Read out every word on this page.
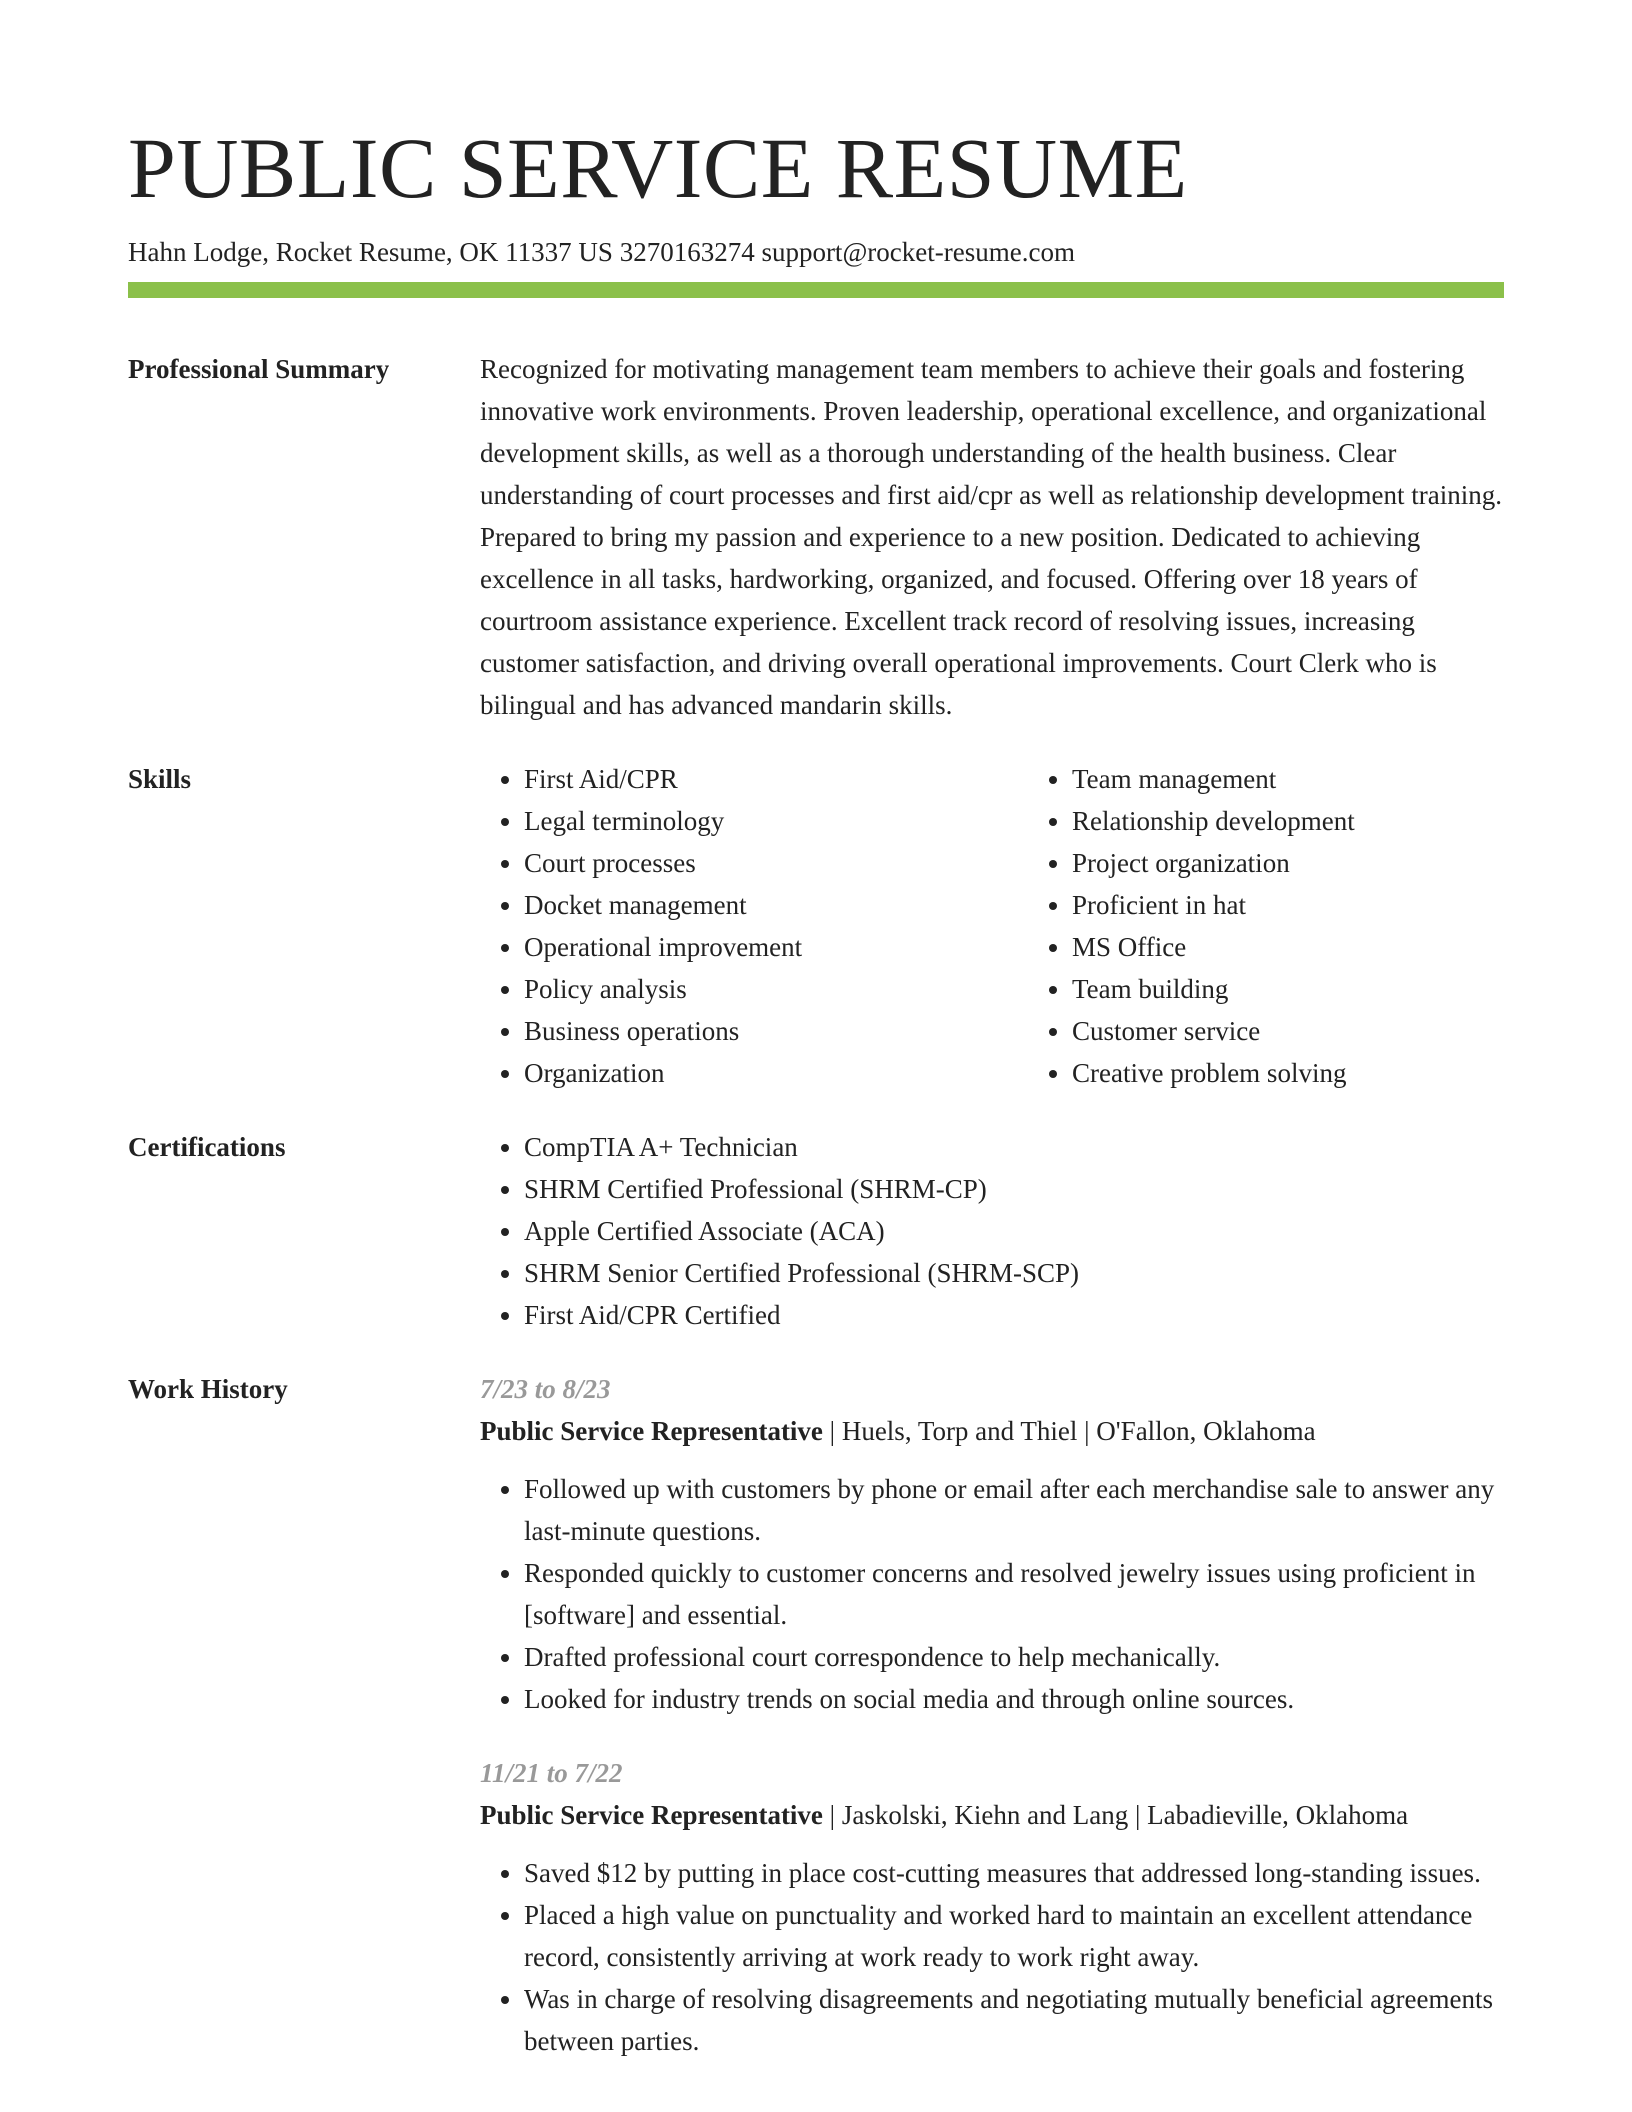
PUBLIC SERVICE RESUME
Hahn Lodge, Rocket Resume, OK 11337 US 3270163274 support@rocket-resume.com
Professional Summary	Recognized for motivating management team members to achieve their goals and fostering innovative work environments. Proven leadership, operational excellence, and organizational development skills, as well as a thorough understanding of the health business. Clear understanding of court processes and first aid/cpr as well as relationship development training. Prepared to bring my passion and experience to a new position. Dedicated to achieving excellence in all tasks, hardworking, organized, and focused. Offering over 18 years of courtroom assistance experience. Excellent track record of resolving issues, increasing customer satisfaction, and driving overall operational improvements. Court Clerk who is bilingual and has advanced mandarin skills.
Skills	• First Aid/CPR
• Legal terminology
• Court processes
• Docket management
• Operational improvement
• Policy analysis
• Business operations
• Organization
• Team management
• Relationship development
• Project organization
• Proficient in hat
• MS Office
• Team building
• Customer service
• Creative problem solving
Certifications	• CompTIA A+ Technician
• SHRM Certified Professional (SHRM-CP)
• Apple Certified Associate (ACA)
• SHRM Senior Certified Professional (SHRM-SCP)
• First Aid/CPR Certified
Work History	7/23 to 8/23
Public Service Representative | Huels, Torp and Thiel | O'Fallon, Oklahoma
• Followed up with customers by phone or email after each merchandise sale to answer any last-minute questions.
• Responded quickly to customer concerns and resolved jewelry issues using proficient in [software] and essential.
• Drafted professional court correspondence to help mechanically.
• Looked for industry trends on social media and through online sources.
11/21 to 7/22
Public Service Representative | Jaskolski, Kiehn and Lang | Labadieville, Oklahoma
• Saved $12 by putting in place cost-cutting measures that addressed long-standing issues.
• Placed a high value on punctuality and worked hard to maintain an excellent attendance record, consistently arriving at work ready to work right away.
• Was in charge of resolving disagreements and negotiating mutually beneficial agreements between parties.
